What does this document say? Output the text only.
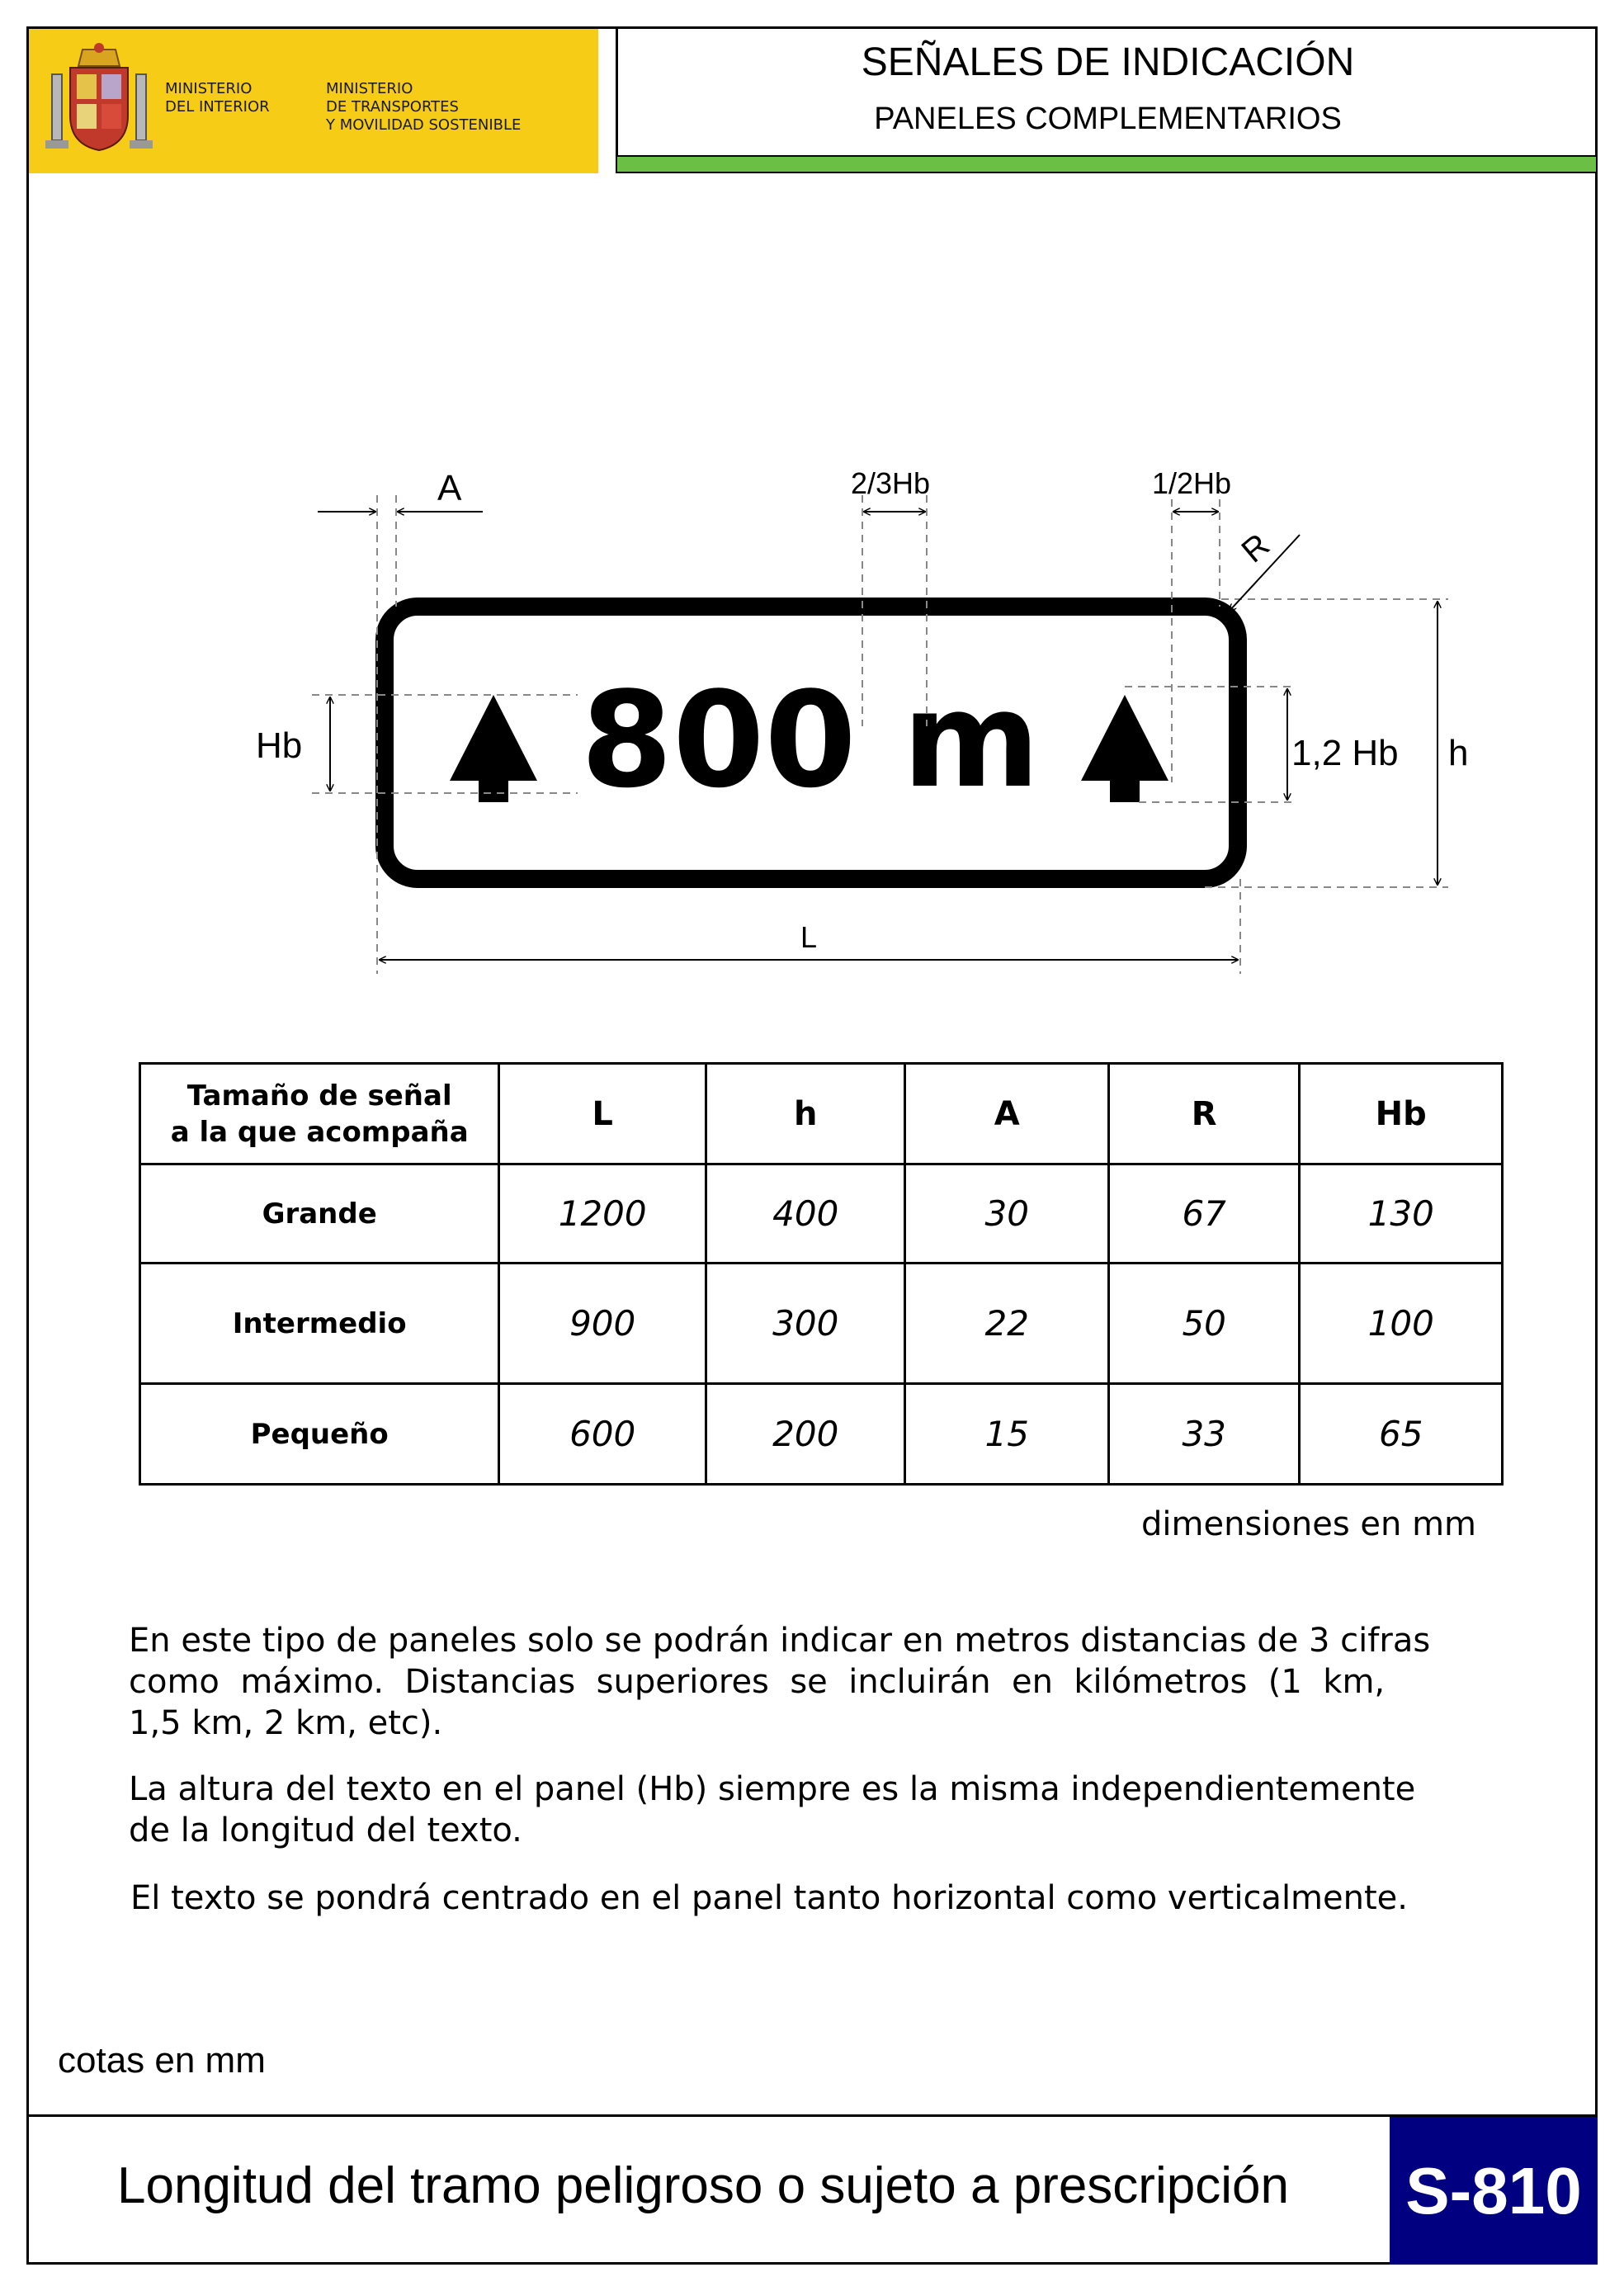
MINISTERIO
DEL INTERIOR
MINISTERIO
DE TRANSPORTES
Y MOVILIDAD SOSTENIBLE
SEÑALES DE INDICACIÓN
PANELES COMPLEMENTARIOS
800 m
A	2/3Hb	1/2Hb
R
Hb	1,2 Hb h
L
Tamaño de señal
a la que acompaña	L	h	A	R	Hb
Grande	1200	400	30	67	130
Intermedio	900	300	22	50	100
Pequeño	600	200	15	33	65
dimensiones en mm
En este tipo de paneles solo se podrán indicar en metros distancias de 3 cifras
como  máximo.  Distancias  superiores  se  incluirán  en  kilómetros  (1  km,
1,5 km, 2 km, etc).
La altura del texto en el panel (Hb) siempre es la misma independientemente
de la longitud del texto.
El texto se pondrá centrado en el panel tanto horizontal como verticalmente.
cotas en mm
Longitud del tramo peligroso o sujeto a prescripción S-810
